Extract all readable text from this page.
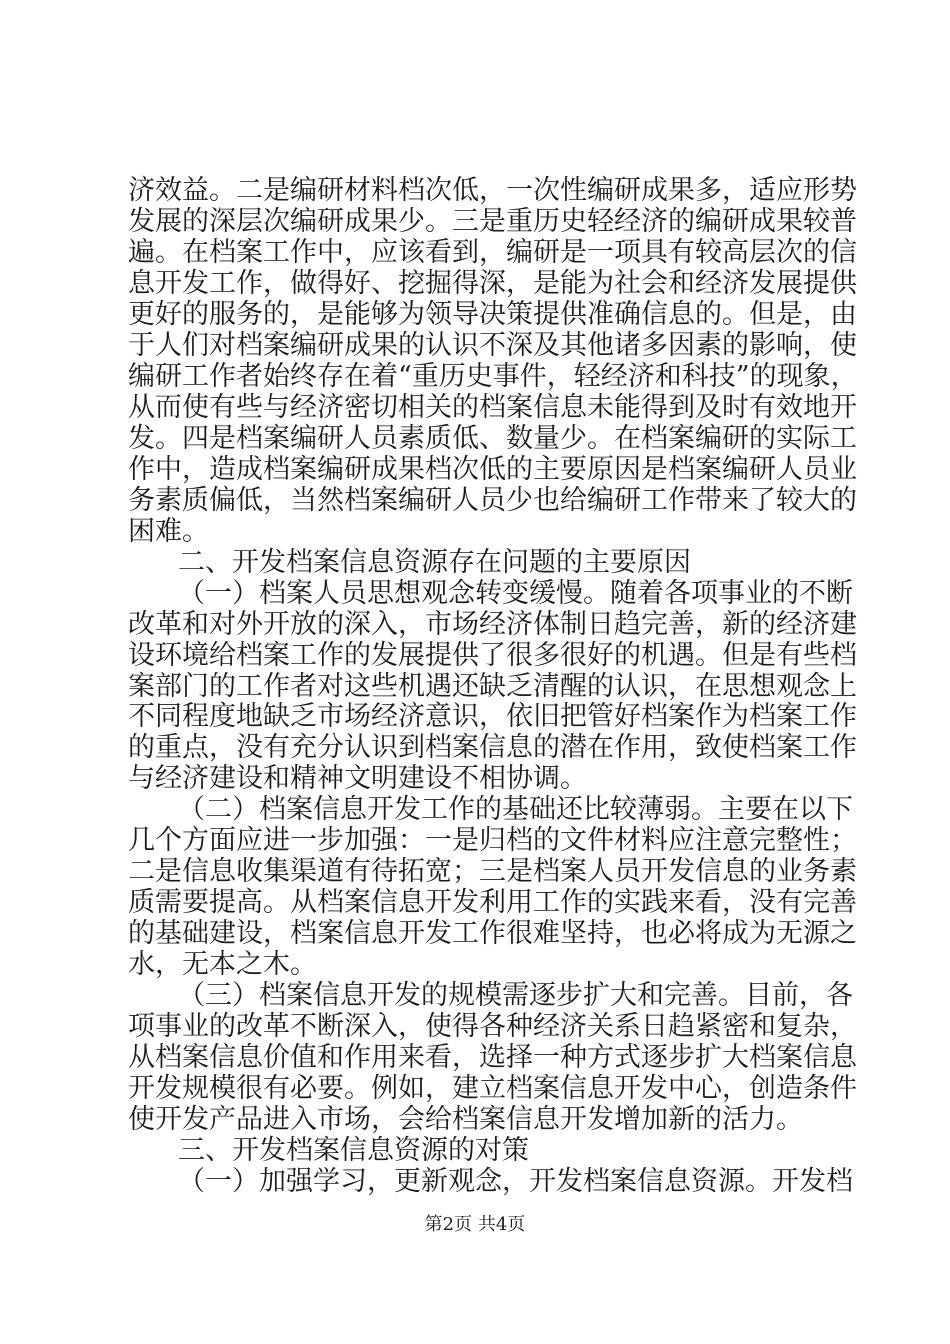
济效益。二是编研材料档次低，一次性编研成果多，适应形势
发展的深层次编研成果少。三是重历史轻经济的编研成果较普
遍。在档案工作中，应该看到，编研是一项具有较高层次的信
息开发工作，做得好、挖掘得深，是能为社会和经济发展提供
更好的服务的，是能够为领导决策提供准确信息的。但是，由
于人们对档案编研成果的认识不深及其他诸多因素的影响，使
编研工作者始终存在着“重历史事件，轻经济和科技”的现象，
从而使有些与经济密切相关的档案信息未能得到及时有效地开
发。四是档案编研人员素质低、数量少。在档案编研的实际工
作中，造成档案编研成果档次低的主要原因是档案编研人员业
务素质偏低，当然档案编研人员少也给编研工作带来了较大的
困难。
二、开发档案信息资源存在问题的主要原因
（一）档案人员思想观念转变缓慢。随着各项事业的不断
改革和对外开放的深入，市场经济体制日趋完善，新的经济建
设环境给档案工作的发展提供了很多很好的机遇。但是有些档
案部门的工作者对这些机遇还缺乏清醒的认识，在思想观念上
不同程度地缺乏市场经济意识，依旧把管好档案作为档案工作
的重点，没有充分认识到档案信息的潜在作用，致使档案工作
与经济建设和精神文明建设不相协调。
（二）档案信息开发工作的基础还比较薄弱。主要在以下
几个方面应进一步加强：一是归档的文件材料应注意完整性；
二是信息收集渠道有待拓宽；三是档案人员开发信息的业务素
质需要提高。从档案信息开发利用工作的实践来看，没有完善
的基础建设，档案信息开发工作很难坚持，也必将成为无源之
水，无本之木。
（三）档案信息开发的规模需逐步扩大和完善。目前，各
项事业的改革不断深入，使得各种经济关系日趋紧密和复杂，
从档案信息价值和作用来看，选择一种方式逐步扩大档案信息
开发规模很有必要。例如，建立档案信息开发中心，创造条件
使开发产品进入市场，会给档案信息开发增加新的活力。
三、开发档案信息资源的对策
（一）加强学习，更新观念，开发档案信息资源。开发档
第2页 共4页
